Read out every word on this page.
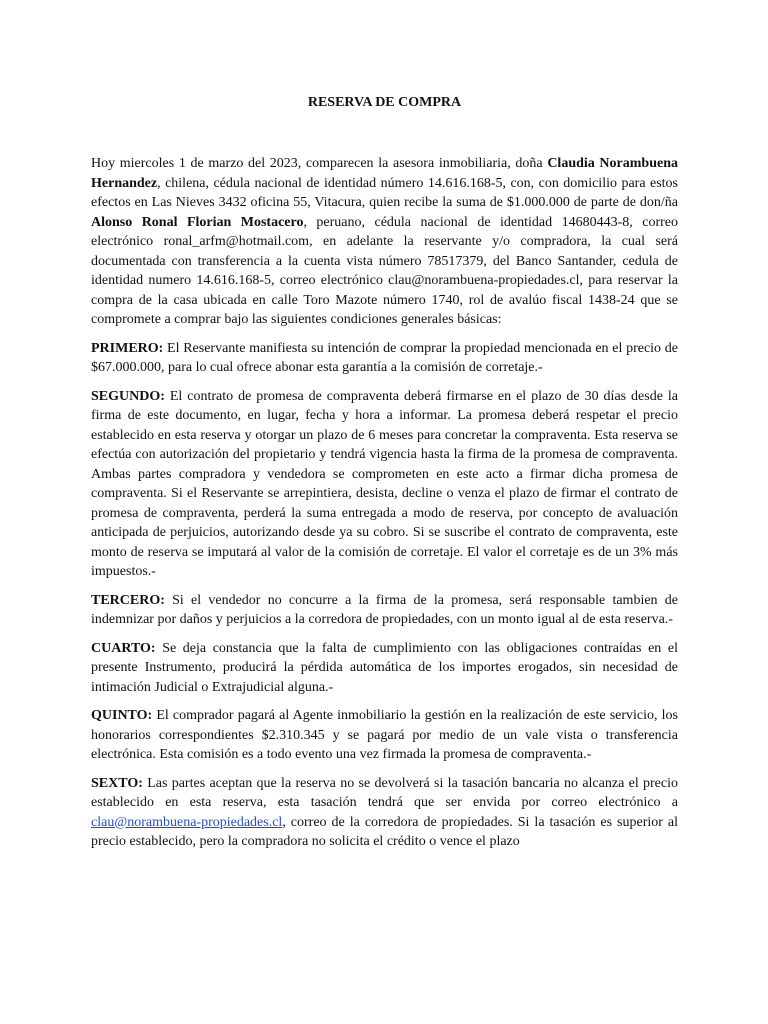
RESERVA DE COMPRA

Hoy miercoles 1 de marzo del 2023, comparecen la asesora inmobiliaria, doña Claudia Norambuena Hernandez, chilena, cédula nacional de identidad número 14.616.168-5, con, con domicilio para estos efectos en Las Nieves 3432 oficina 55, Vitacura, quien recibe la suma de $1.000.000 de parte de don/ña Alonso Ronal Florian Mostacero, peruano, cédula nacional de identidad 14680443-8, correo electrónico ronal_arfm@hotmail.com, en adelante la reservante y/o compradora, la cual será documentada con transferencia a la cuenta vista número 78517379, del Banco Santander, cedula de identidad numero 14.616.168-5, correo electrónico clau@norambuena-propiedades.cl, para reservar la compra de la casa ubicada en calle Toro Mazote número 1740, rol de avalúo fiscal 1438-24 que se compromete a comprar bajo las siguientes condiciones generales básicas:

PRIMERO: El Reservante manifiesta su intención de comprar la propiedad mencionada en el precio de $67.000.000, para lo cual ofrece abonar esta garantía a la comisión de corretaje.-

SEGUNDO: El contrato de promesa de compraventa deberá firmarse en el plazo de 30 días desde la firma de este documento, en lugar, fecha y hora a informar. La promesa deberá respetar el precio establecido en esta reserva y otorgar un plazo de 6 meses para concretar la compraventa. Esta reserva se efectúa con autorización del propietario y tendrá vigencia hasta la firma de la promesa de compraventa. Ambas partes compradora y vendedora se comprometen en este acto a firmar dicha promesa de compraventa. Si el Reservante se arrepintiera, desista, decline o venza el plazo de firmar el contrato de promesa de compraventa, perderá la suma entregada a modo de reserva, por concepto de avaluación anticipada de perjuicios, autorizando desde ya su cobro. Si se suscribe el contrato de compraventa, este monto de reserva se imputará al valor de la comisión de corretaje. El valor el corretaje es de un 3% más impuestos.-

TERCERO: Si el vendedor no concurre a la firma de la promesa, será responsable tambien de indemnizar por daños y perjuicios a la corredora de propiedades, con un monto igual al de esta reserva.-

CUARTO: Se deja constancia que la falta de cumplimiento con las obligaciones contraídas en el presente Instrumento, producirá la pérdida automática de los importes erogados, sin necesidad de intimación Judicial o Extrajudicial alguna.-

QUINTO: El comprador pagará al Agente inmobiliario la gestión en la realización de este servicio, los honorarios correspondientes $2.310.345 y se pagará por medio de un vale vista o transferencia electrónica. Esta comisión es a todo evento una vez firmada la promesa de compraventa.-

SEXTO: Las partes aceptan que la reserva no se devolverá si la tasación bancaria no alcanza el precio establecido en esta reserva, esta tasación tendrá que ser envida por correo electrónico a clau@norambuena-propiedades.cl, correo de la corredora de propiedades. Si la tasación es superior al precio establecido, pero la compradora no solicita el crédito o vence el plazo
